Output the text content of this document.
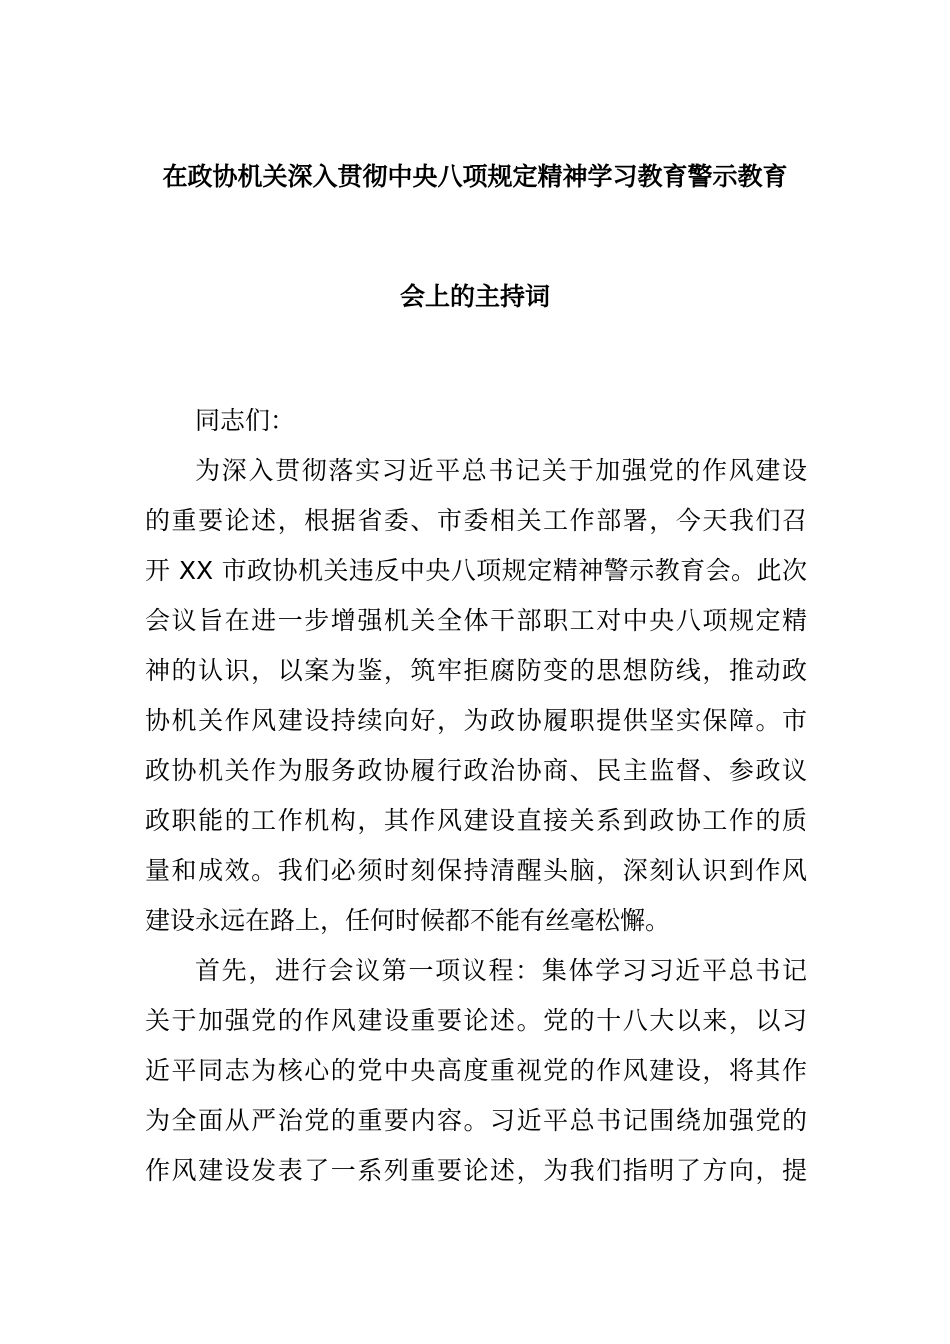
在政协机关深入贯彻中央八项规定精神学习教育警示教育
会上的主持词
同志们：
为深入贯彻落实习近平总书记关于加强党的作风建设
的重要论述，根据省委、市委相关工作部署，今天我们召
开 XX 市政协机关违反中央八项规定精神警示教育会。此次
会议旨在进一步增强机关全体干部职工对中央八项规定精
神的认识，以案为鉴，筑牢拒腐防变的思想防线，推动政
协机关作风建设持续向好，为政协履职提供坚实保障。市
政协机关作为服务政协履行政治协商、民主监督、参政议
政职能的工作机构，其作风建设直接关系到政协工作的质
量和成效。我们必须时刻保持清醒头脑，深刻认识到作风
建设永远在路上，任何时候都不能有丝毫松懈。
首先，进行会议第一项议程：集体学习习近平总书记
关于加强党的作风建设重要论述。党的十八大以来，以习
近平同志为核心的党中央高度重视党的作风建设，将其作
为全面从严治党的重要内容。习近平总书记围绕加强党的
作风建设发表了一系列重要论述，为我们指明了方向，提
